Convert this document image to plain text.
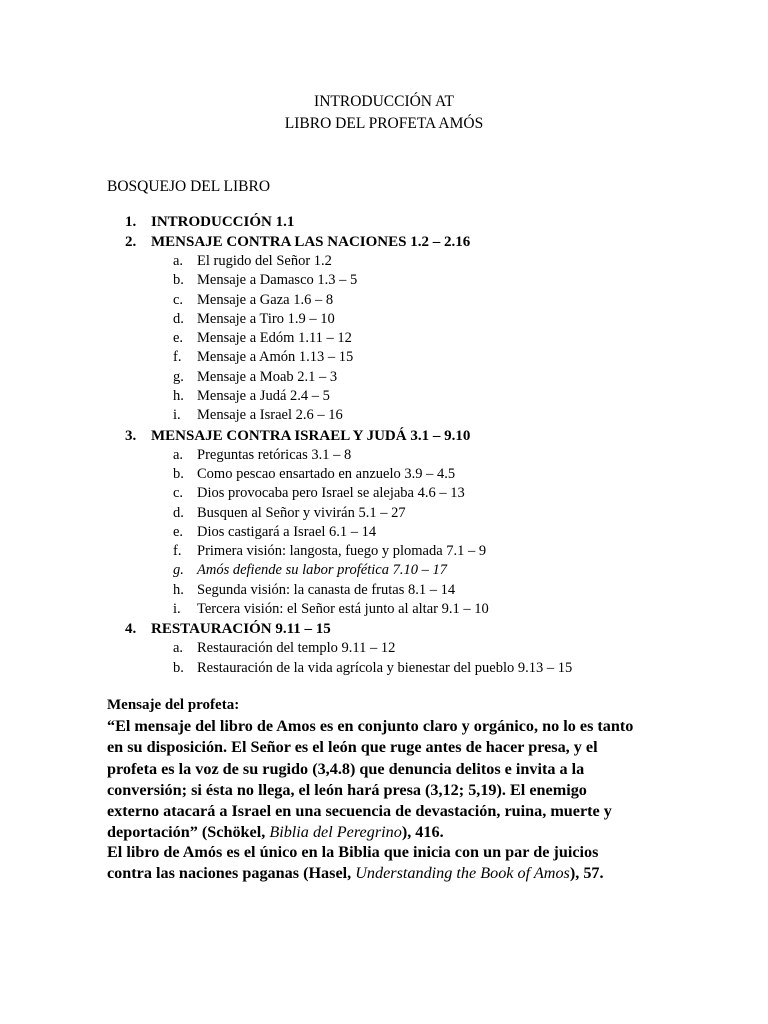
INTRODUCCIÓN AT
LIBRO DEL PROFETA AMÓS
BOSQUEJO DEL LIBRO
1. INTRODUCCIÓN 1.1
2. MENSAJE CONTRA LAS NACIONES 1.2 – 2.16
a. El rugido del Señor 1.2
b. Mensaje a Damasco 1.3 – 5
c. Mensaje a Gaza 1.6 – 8
d. Mensaje a Tiro 1.9 – 10
e. Mensaje a Edóm 1.11 – 12
f. Mensaje a Amón 1.13 – 15
g. Mensaje a Moab 2.1 – 3
h. Mensaje a Judá 2.4 – 5
i. Mensaje a Israel 2.6 – 16
3. MENSAJE CONTRA ISRAEL Y JUDÁ 3.1 – 9.10
a. Preguntas retóricas 3.1 – 8
b. Como pescao ensartado en anzuelo 3.9 – 4.5
c. Dios provocaba pero Israel se alejaba 4.6 – 13
d. Busquen al Señor y vivirán 5.1 – 27
e. Dios castigará a Israel 6.1 – 14
f. Primera visión: langosta, fuego y plomada 7.1 – 9
g. Amós defiende su labor profética 7.10 – 17
h. Segunda visión: la canasta de frutas 8.1 – 14
i. Tercera visión: el Señor está junto al altar 9.1 – 10
4. RESTAURACIÓN 9.11 – 15
a. Restauración del templo 9.11 – 12
b. Restauración de la vida agrícola y bienestar del pueblo 9.13 – 15
Mensaje del profeta:
“El mensaje del libro de Amos es en conjunto claro y orgánico, no lo es tanto
en su disposición. El Señor es el león que ruge antes de hacer presa, y el
profeta es la voz de su rugido (3,4.8) que denuncia delitos e invita a la
conversión; si ésta no llega, el león hará presa (3,12; 5,19). El enemigo
externo atacará a Israel en una secuencia de devastación, ruina, muerte y
deportación” (Schökel, Biblia del Peregrino), 416.
El libro de Amós es el único en la Biblia que inicia con un par de juicios
contra las naciones paganas (Hasel, Understanding the Book of Amos), 57.
